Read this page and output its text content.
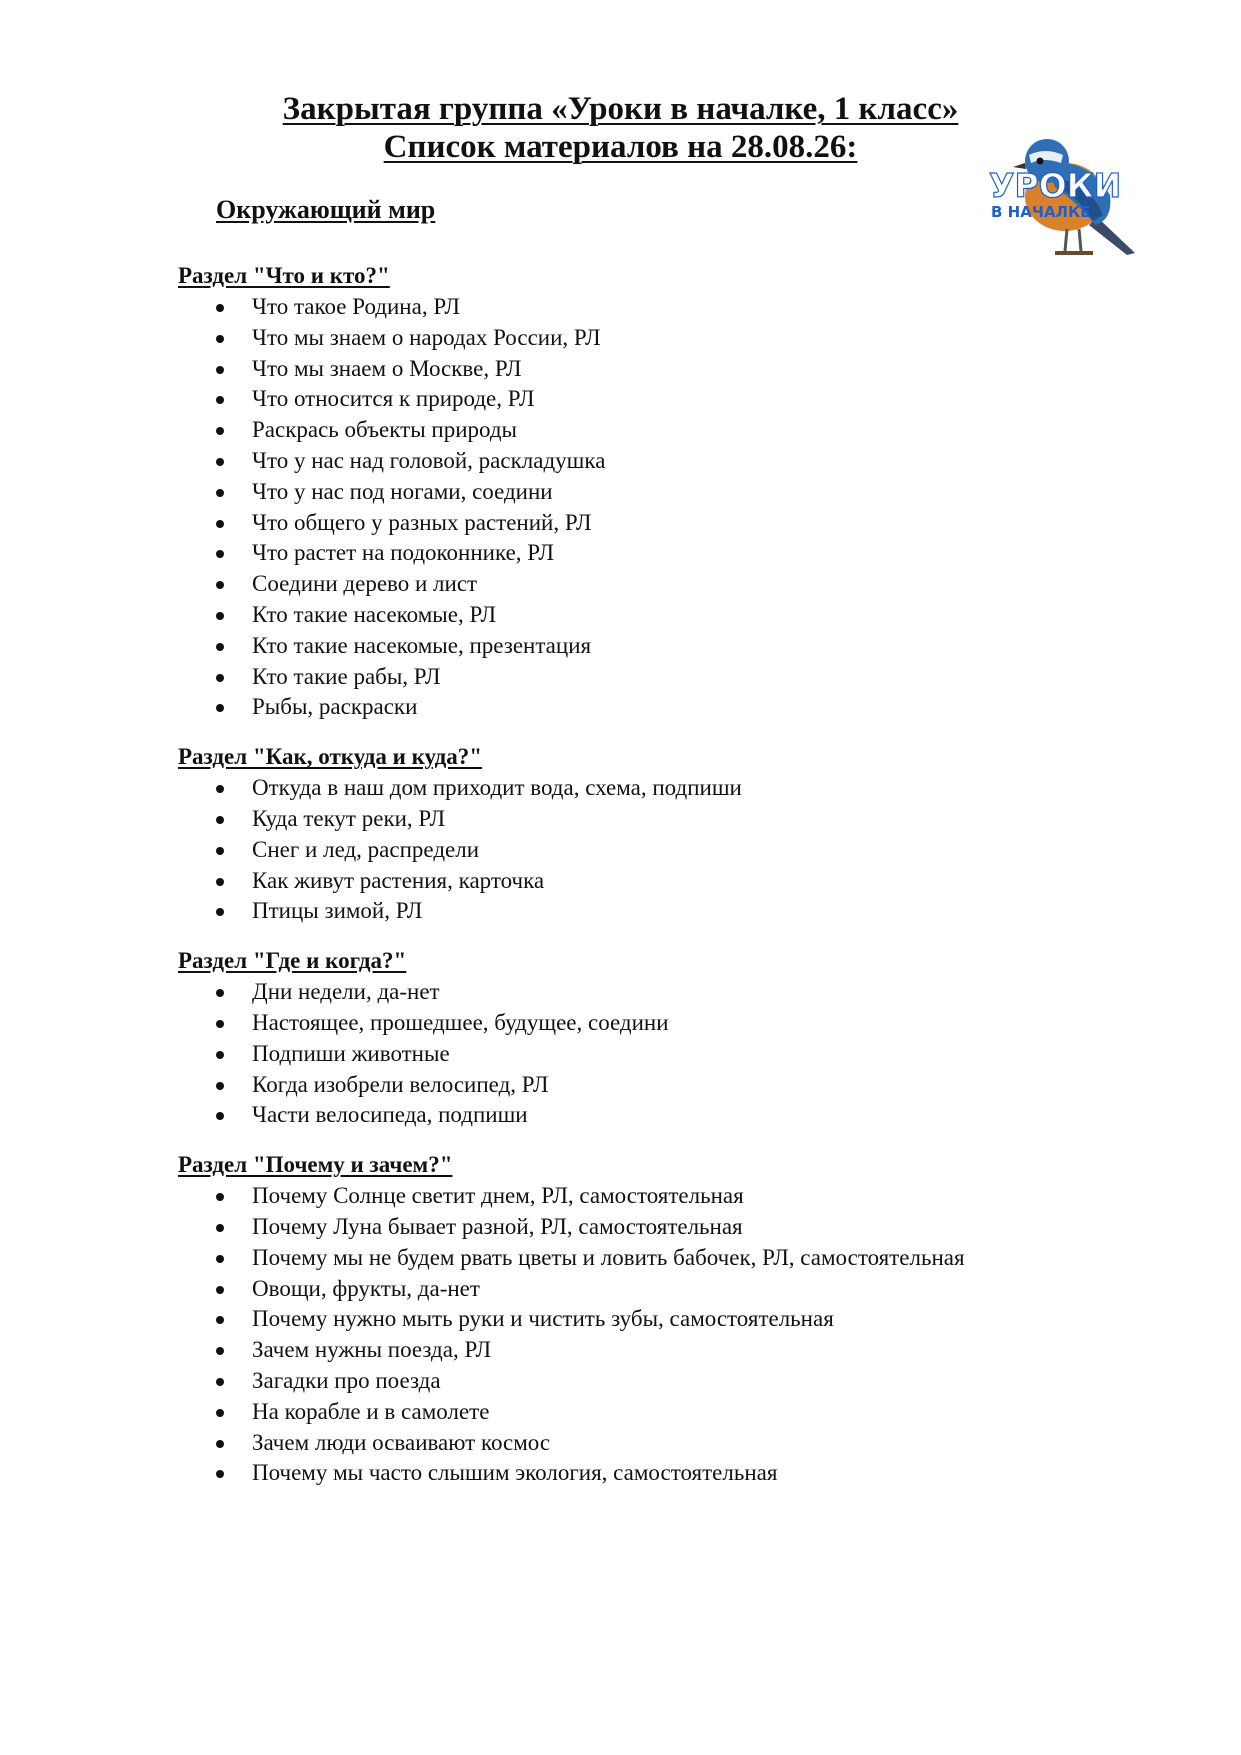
Закрытая группа «Уроки в началке, 1 класс»
Список материалов на 28.08.26:
Окружающий мир
УРОКИ
В НАЧАЛКЕ
Раздел "Что и кто?"
Что такое Родина, РЛ
Что мы знаем о народах России, РЛ
Что мы знаем о Москве, РЛ
Что относится к природе, РЛ
Раскрась объекты природы
Что у нас над головой, раскладушка
Что у нас под ногами, соедини
Что общего у разных растений, РЛ
Что растет на подоконнике, РЛ
Соедини дерево и лист
Кто такие насекомые, РЛ
Кто такие насекомые, презентация
Кто такие рабы, РЛ
Рыбы, раскраски
Раздел "Как, откуда и куда?"
Откуда в наш дом приходит вода, схема, подпиши
Куда текут реки, РЛ
Снег и лед, распредели
Как живут растения, карточка
Птицы зимой, РЛ
Раздел "Где и когда?"
Дни недели, да-нет
Настоящее, прошедшее, будущее, соедини
Подпиши животные
Когда изобрели велосипед, РЛ
Части велосипеда, подпиши
Раздел "Почему и зачем?"
Почему Солнце светит днем, РЛ, самостоятельная
Почему Луна бывает разной, РЛ, самостоятельная
Почему мы не будем рвать цветы и ловить бабочек, РЛ, самостоятельная
Овощи, фрукты, да-нет
Почему нужно мыть руки и чистить зубы, самостоятельная
Зачем нужны поезда, РЛ
Загадки про поезда
На корабле и в самолете
Зачем люди осваивают космос
Почему мы часто слышим экология, самостоятельная
